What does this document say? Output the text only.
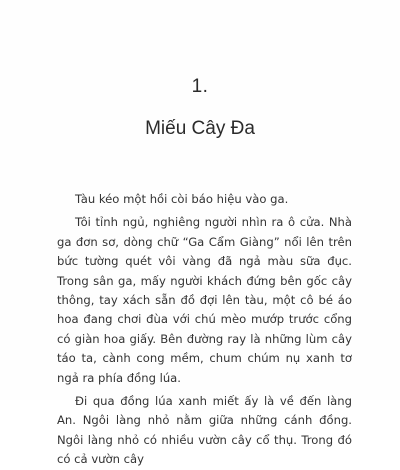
1.
Miếu Cây Đa

Tàu kéo một hồi còi báo hiệu vào ga.

Tôi tỉnh ngủ, nghiêng người nhìn ra ô cửa. Nhà ga đơn sơ, dòng chữ “Ga Cẩm Giàng” nổi lên trên bức tường quét vôi vàng đã ngả màu sữa đục. Trong sân ga, mấy người khách đứng bên gốc cây thông, tay xách sẵn đồ đợi lên tàu, một cô bé áo hoa đang chơi đùa với chú mèo mướp trước cổng có giàn hoa giấy. Bên đường ray là những lùm cây táo ta, cành cong mềm, chum chúm nụ xanh tơ ngả ra phía đồng lúa.

Đi qua đồng lúa xanh miết ấy là về đến làng An. Ngôi làng nhỏ nằm giữa những cánh đồng. Ngôi làng nhỏ có nhiều vườn cây cổ thụ. Trong đó có cả vườn cây
